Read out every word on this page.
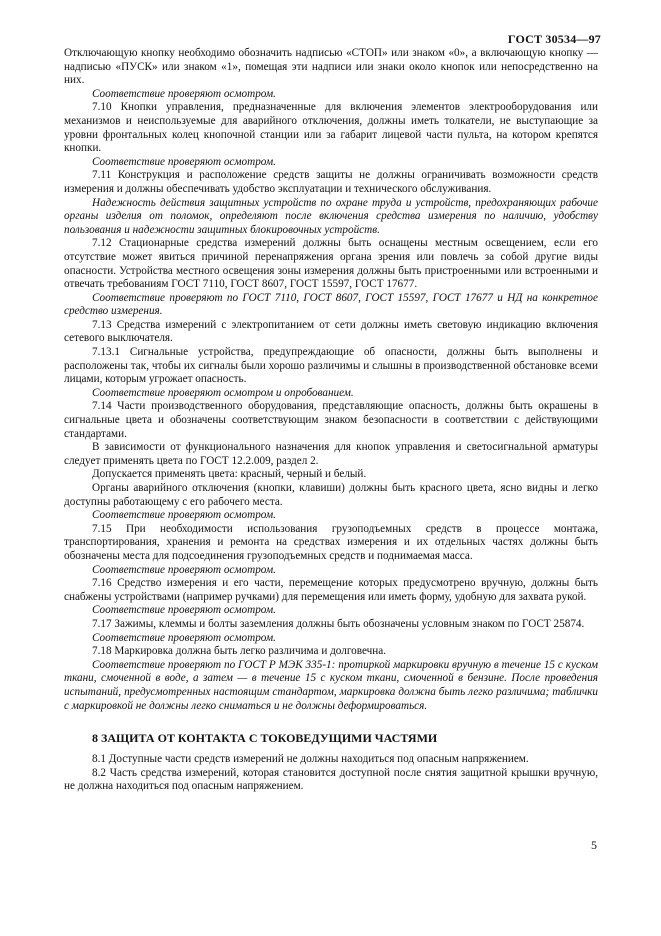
ГОСТ 30534—97

Отключающую кнопку необходимо обозначить надписью «СТОП» или знаком «0», а включающую кнопку — надписью «ПУСК» или знаком «1», помещая эти надписи или знаки около кнопок или непосредственно на них.

Соответствие проверяют осмотром.

7.10 Кнопки управления, предназначенные для включения элементов электрооборудования или механизмов и неиспользуемые для аварийного отключения, должны иметь толкатели, не выступающие за уровни фронтальных колец кнопочной станции или за габарит лицевой части пульта, на котором крепятся кнопки.

Соответствие проверяют осмотром.

7.11 Конструкция и расположение средств защиты не должны ограничивать возможности средств измерения и должны обеспечивать удобство эксплуатации и технического обслуживания.

Надежность действия защитных устройств по охране труда и устройств, предохраняющих рабочие органы изделия от поломок, определяют после включения средства измерения по наличию, удобству пользования и надежности защитных блокировочных устройств.

7.12 Стационарные средства измерений должны быть оснащены местным освещением, если его отсутствие может явиться причиной перенапряжения органа зрения или повлечь за собой другие виды опасности. Устройства местного освещения зоны измерения должны быть пристроенными или встроенными и отвечать требованиям ГОСТ 7110, ГОСТ 8607, ГОСТ 15597, ГОСТ 17677.

Соответствие проверяют по ГОСТ 7110, ГОСТ 8607, ГОСТ 15597, ГОСТ 17677 и НД на конкретное средство измерения.

7.13 Средства измерений с электропитанием от сети должны иметь световую индикацию включения сетевого выключателя.

7.13.1 Сигнальные устройства, предупреждающие об опасности, должны быть выполнены и расположены так, чтобы их сигналы были хорошо различимы и слышны в производственной обстановке всеми лицами, которым угрожает опасность.

Соответствие проверяют осмотром и опробованием.

7.14 Части производственного оборудования, представляющие опасность, должны быть окрашены в сигнальные цвета и обозначены соответствующим знаком безопасности в соответствии с действующими стандартами.

В зависимости от функционального назначения для кнопок управления и светосигнальной арматуры следует применять цвета по ГОСТ 12.2.009, раздел 2.

Допускается применять цвета: красный, черный и белый.

Органы аварийного отключения (кнопки, клавиши) должны быть красного цвета, ясно видны и легко доступны работающему с его рабочего места.

Соответствие проверяют осмотром.

7.15 При необходимости использования грузоподъемных средств в процессе монтажа, транспортирования, хранения и ремонта на средствах измерения и их отдельных частях должны быть обозначены места для подсоединения грузоподъемных средств и поднимаемая масса.

Соответствие проверяют осмотром.

7.16 Средство измерения и его части, перемещение которых предусмотрено вручную, должны быть снабжены устройствами (например ручками) для перемещения или иметь форму, удобную для захвата рукой.

Соответствие проверяют осмотром.

7.17 Зажимы, клеммы и болты заземления должны быть обозначены условным знаком по ГОСТ 25874.

Соответствие проверяют осмотром.

7.18 Маркировка должна быть легко различима и долговечна.

Соответствие проверяют по ГОСТ Р МЭК 335-1: протиркой маркировки вручную в течение 15 с куском ткани, смоченной в воде, а затем — в течение 15 с куском ткани, смоченной в бензине. После проведения испытаний, предусмотренных настоящим стандартом, маркировка должна быть легко различима; таблички с маркировкой не должны легко сниматься и не должны деформироваться.

8 ЗАЩИТА ОТ КОНТАКТА С ТОКОВЕДУЩИМИ ЧАСТЯМИ

8.1 Доступные части средств измерений не должны находиться под опасным напряжением.

8.2 Часть средства измерений, которая становится доступной после снятия защитной крышки вручную, не должна находиться под опасным напряжением.

5
